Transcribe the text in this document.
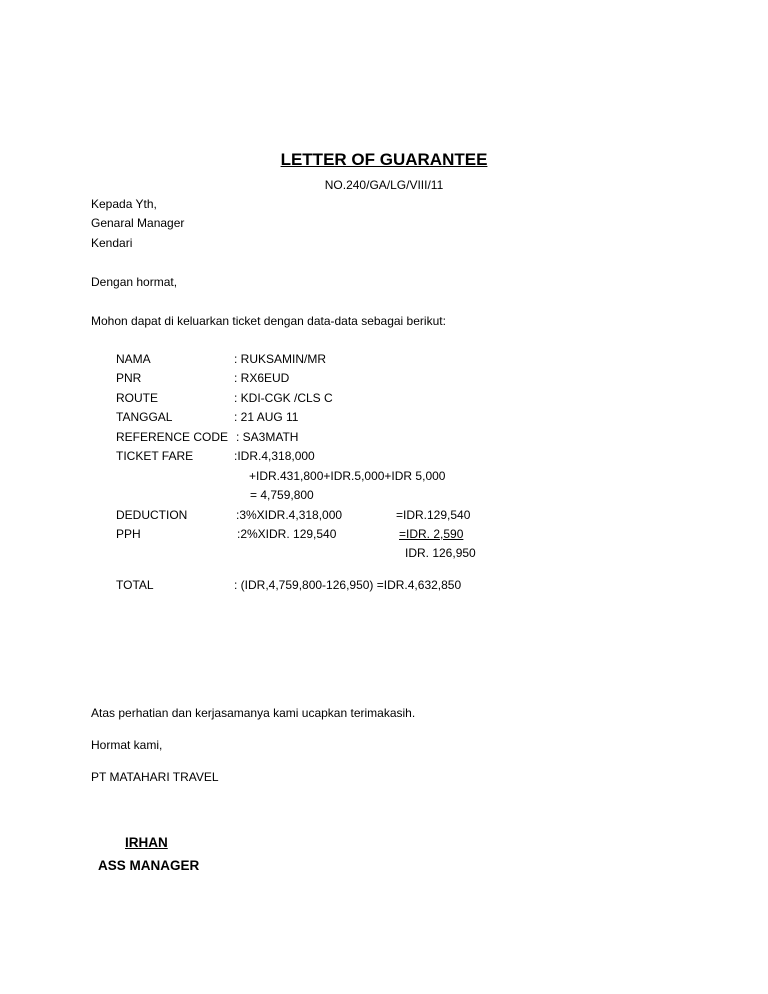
LETTER OF GUARANTEE
NO.240/GA/LG/VIII/11
Kepada Yth,
Genaral Manager
Kendari
Dengan hormat,
Mohon dapat di keluarkan ticket dengan data-data sebagai berikut:
NAMA	: RUKSAMIN/MR
PNR	: RX6EUD
ROUTE	: KDI-CGK /CLS C
TANGGAL	: 21 AUG 11
REFERENCE CODE : SA3MATH
TICKET FARE	:IDR.4,318,000
+IDR.431,800+IDR.5,000+IDR 5,000
= 4,759,800
DEDUCTION	:3%XIDR.4,318,000	=IDR.129,540
PPH	:2%XIDR. 129,540	=IDR. 2,590
IDR. 126,950
TOTAL	: (IDR,4,759,800-126,950) =IDR.4,632,850
Atas perhatian dan kerjasamanya kami ucapkan terimakasih.
Hormat kami,
PT MATAHARI TRAVEL
IRHAN
ASS MANAGER
